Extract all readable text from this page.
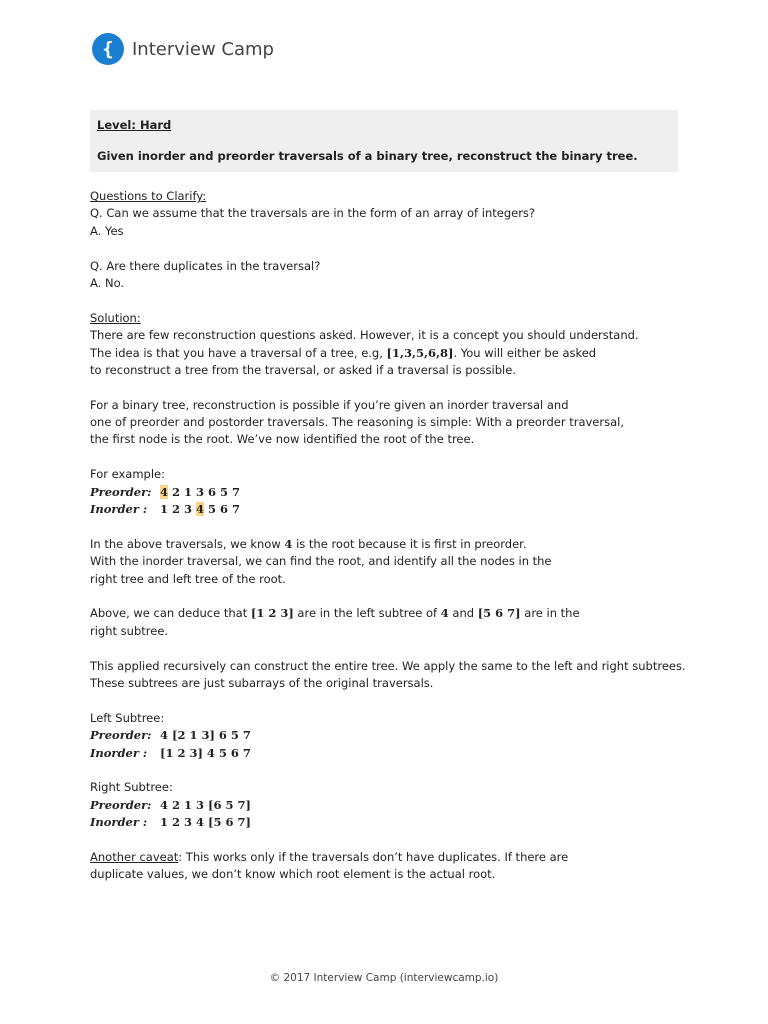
{	Interview Camp
Level: Hard
Given inorder and preorder traversals of a binary tree, reconstruct the binary tree.
Questions to Clarify:
Q. Can we assume that the traversals are in the form of an array of integers?
A. Yes
Q. Are there duplicates in the traversal?
A. No.
Solution:
There are few reconstruction questions asked. However, it is a concept you should understand.
The idea is that you have a traversal of a tree, e.g, [1,3,5,6,8]. You will either be asked
to reconstruct a tree from the traversal, or asked if a traversal is possible.
For a binary tree, reconstruction is possible if you’re given an inorder traversal and
one of preorder and postorder traversals. The reasoning is simple: With a preorder traversal,
the first node is the root. We’ve now identified the root of the tree.
For example:
Preorder: 4 2 1 3 6 5 7
Inorder : 1 2 3 4 5 6 7
In the above traversals, we know 4 is the root because it is first in preorder.
With the inorder traversal, we can find the root, and identify all the nodes in the
right tree and left tree of the root.
Above, we can deduce that [1 2 3] are in the left subtree of 4 and [5 6 7] are in the
right subtree.
This applied recursively can construct the entire tree. We apply the same to the left and right subtrees.
These subtrees are just subarrays of the original traversals.
Left Subtree:
Preorder: 4 [2 1 3] 6 5 7
Inorder : [1 2 3] 4 5 6 7
Right Subtree:
Preorder: 4 2 1 3 [6 5 7]
Inorder : 1 2 3 4 [5 6 7]
Another caveat: This works only if the traversals don’t have duplicates. If there are
duplicate values, we don’t know which root element is the actual root.
© 2017 Interview Camp (interviewcamp.io)
